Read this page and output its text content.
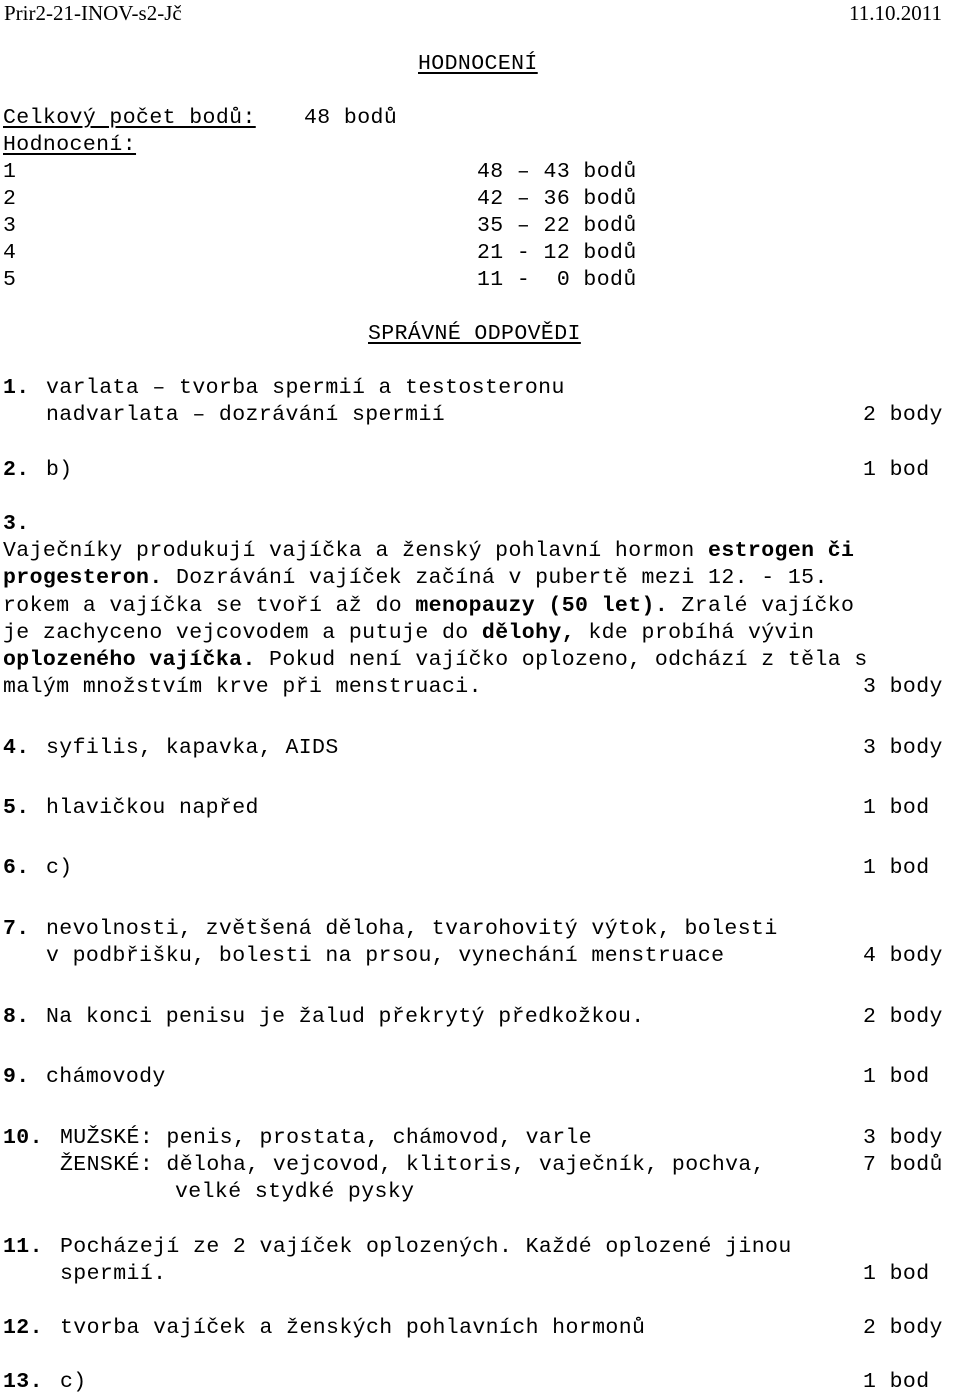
Prir2-21-INOV-s2-Jč	11.10.2011
HODNOCENÍ
Celkový počet bodů: 48 bodů
Hodnocení:
1	48 – 43 bodů
2	42 – 36 bodů
3	35 – 22 bodů
4	21 - 12 bodů
5	11 -  0 bodů
SPRÁVNÉ ODPOVĚDI
1. varlata – tvorba spermií a testosteronu
nadvarlata – dozrávání spermií	2 body
2. b)	1 bod
3.
Vaječníky produkují vajíčka a ženský pohlavní hormon estrogen či
progesteron. Dozrávání vajíček začíná v pubertě mezi 12. - 15.
rokem a vajíčka se tvoří až do menopauzy (50 let). Zralé vajíčko
je zachyceno vejcovodem a putuje do dělohy, kde probíhá vývin
oplozeného vajíčka. Pokud není vajíčko oplozeno, odchází z těla s
malým množstvím krve při menstruaci.	3 body
4. syfilis, kapavka, AIDS	3 body
5. hlavičkou napřed	1 bod
6. c)	1 bod
7. nevolnosti, zvětšená děloha, tvarohovitý výtok, bolesti
v podbřišku, bolesti na prsou, vynechání menstruace	4 body
8. Na konci penisu je žalud překrytý předkožkou.	2 body
9. chámovody	1 bod
10. MUŽSKÉ: penis, prostata, chámovod, varle	3 body
ŽENSKÉ: děloha, vejcovod, klitoris, vaječník, pochva,	7 bodů
velké stydké pysky
11. Pocházejí ze 2 vajíček oplozených. Každé oplozené jinou
spermií.	1 bod
12. tvorba vajíček a ženských pohlavních hormonů	2 body
13. c)	1 bod
